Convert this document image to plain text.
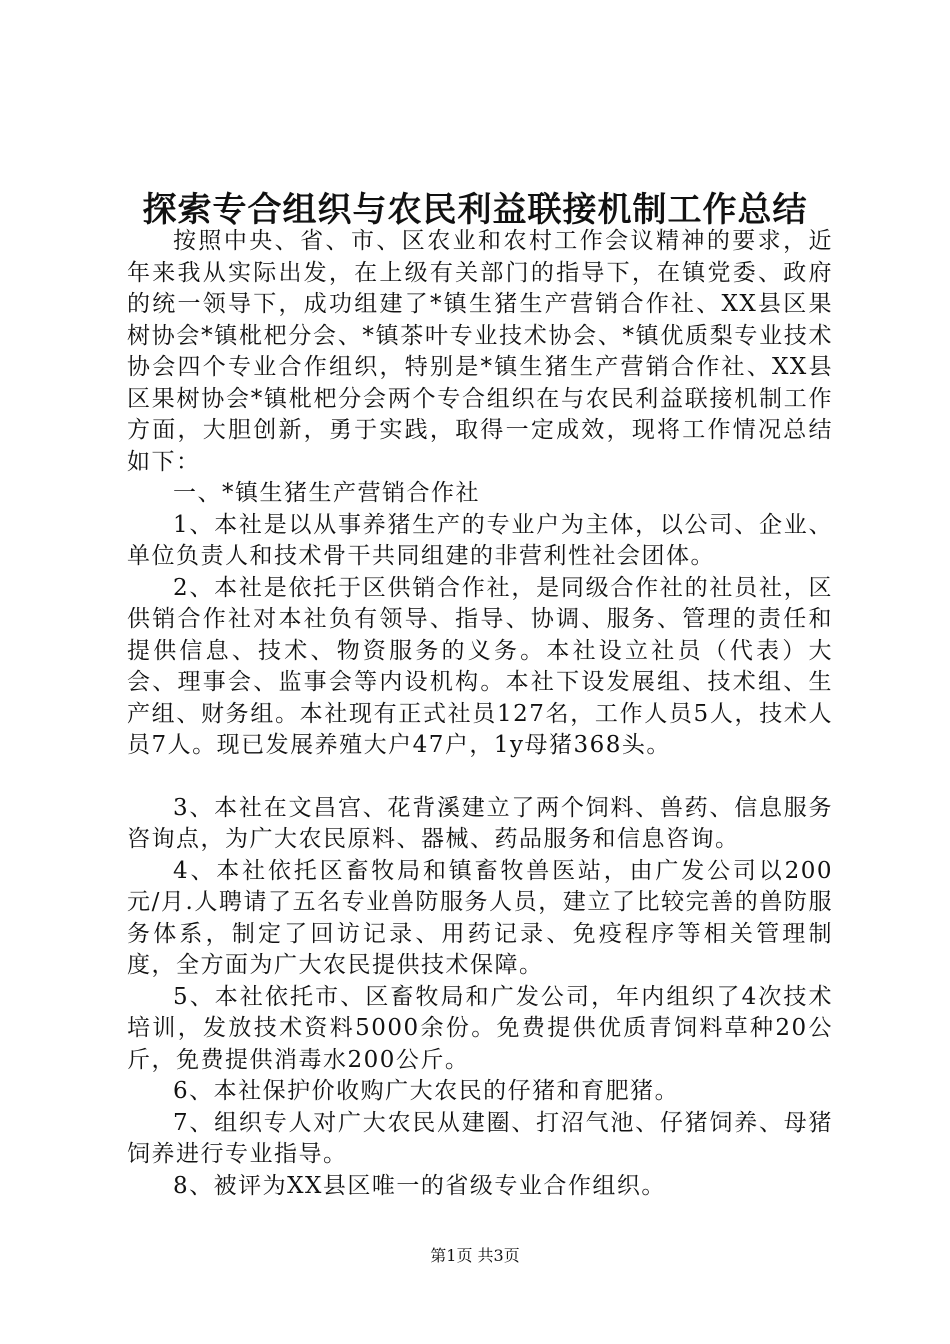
探索专合组织与农民利益联接机制工作总结

按照中央、省、市、区农业和农村工作会议精神的要求，近年来我从实际出发，在上级有关部门的指导下，在镇党委、政府的统一领导下，成功组建了*镇生猪生产营销合作社、XX县区果树协会*镇枇杷分会、*镇茶叶专业技术协会、*镇优质梨专业技术协会四个专业合作组织，特别是*镇生猪生产营销合作社、XX县区果树协会*镇枇杷分会两个专合组织在与农民利益联接机制工作方面，大胆创新，勇于实践，取得一定成效，现将工作情况总结如下：

一、*镇生猪生产营销合作社

1、本社是以从事养猪生产的专业户为主体，以公司、企业、单位负责人和技术骨干共同组建的非营利性社会团体。

2、本社是依托于区供销合作社，是同级合作社的社员社，区供销合作社对本社负有领导、指导、协调、服务、管理的责任和提供信息、技术、物资服务的义务。本社设立社员（代表）大会、理事会、监事会等内设机构。本社下设发展组、技术组、生产组、财务组。本社现有正式社员127名，工作人员5人，技术人员7人。现已发展养殖大户47户，1y母猪368头。

3、本社在文昌宫、花背溪建立了两个饲料、兽药、信息服务咨询点，为广大农民原料、器械、药品服务和信息咨询。

4、本社依托区畜牧局和镇畜牧兽医站，由广发公司以200元/月.人聘请了五名专业兽防服务人员，建立了比较完善的兽防服务体系，制定了回访记录、用药记录、免疫程序等相关管理制度，全方面为广大农民提供技术保障。

5、本社依托市、区畜牧局和广发公司，年内组织了4次技术培训，发放技术资料5000余份。免费提供优质青饲料草种20公斤，免费提供消毒水200公斤。

6、本社保护价收购广大农民的仔猪和育肥猪。

7、组织专人对广大农民从建圈、打沼气池、仔猪饲养、母猪饲养进行专业指导。

8、被评为XX县区唯一的省级专业合作组织。

第1页 共3页
